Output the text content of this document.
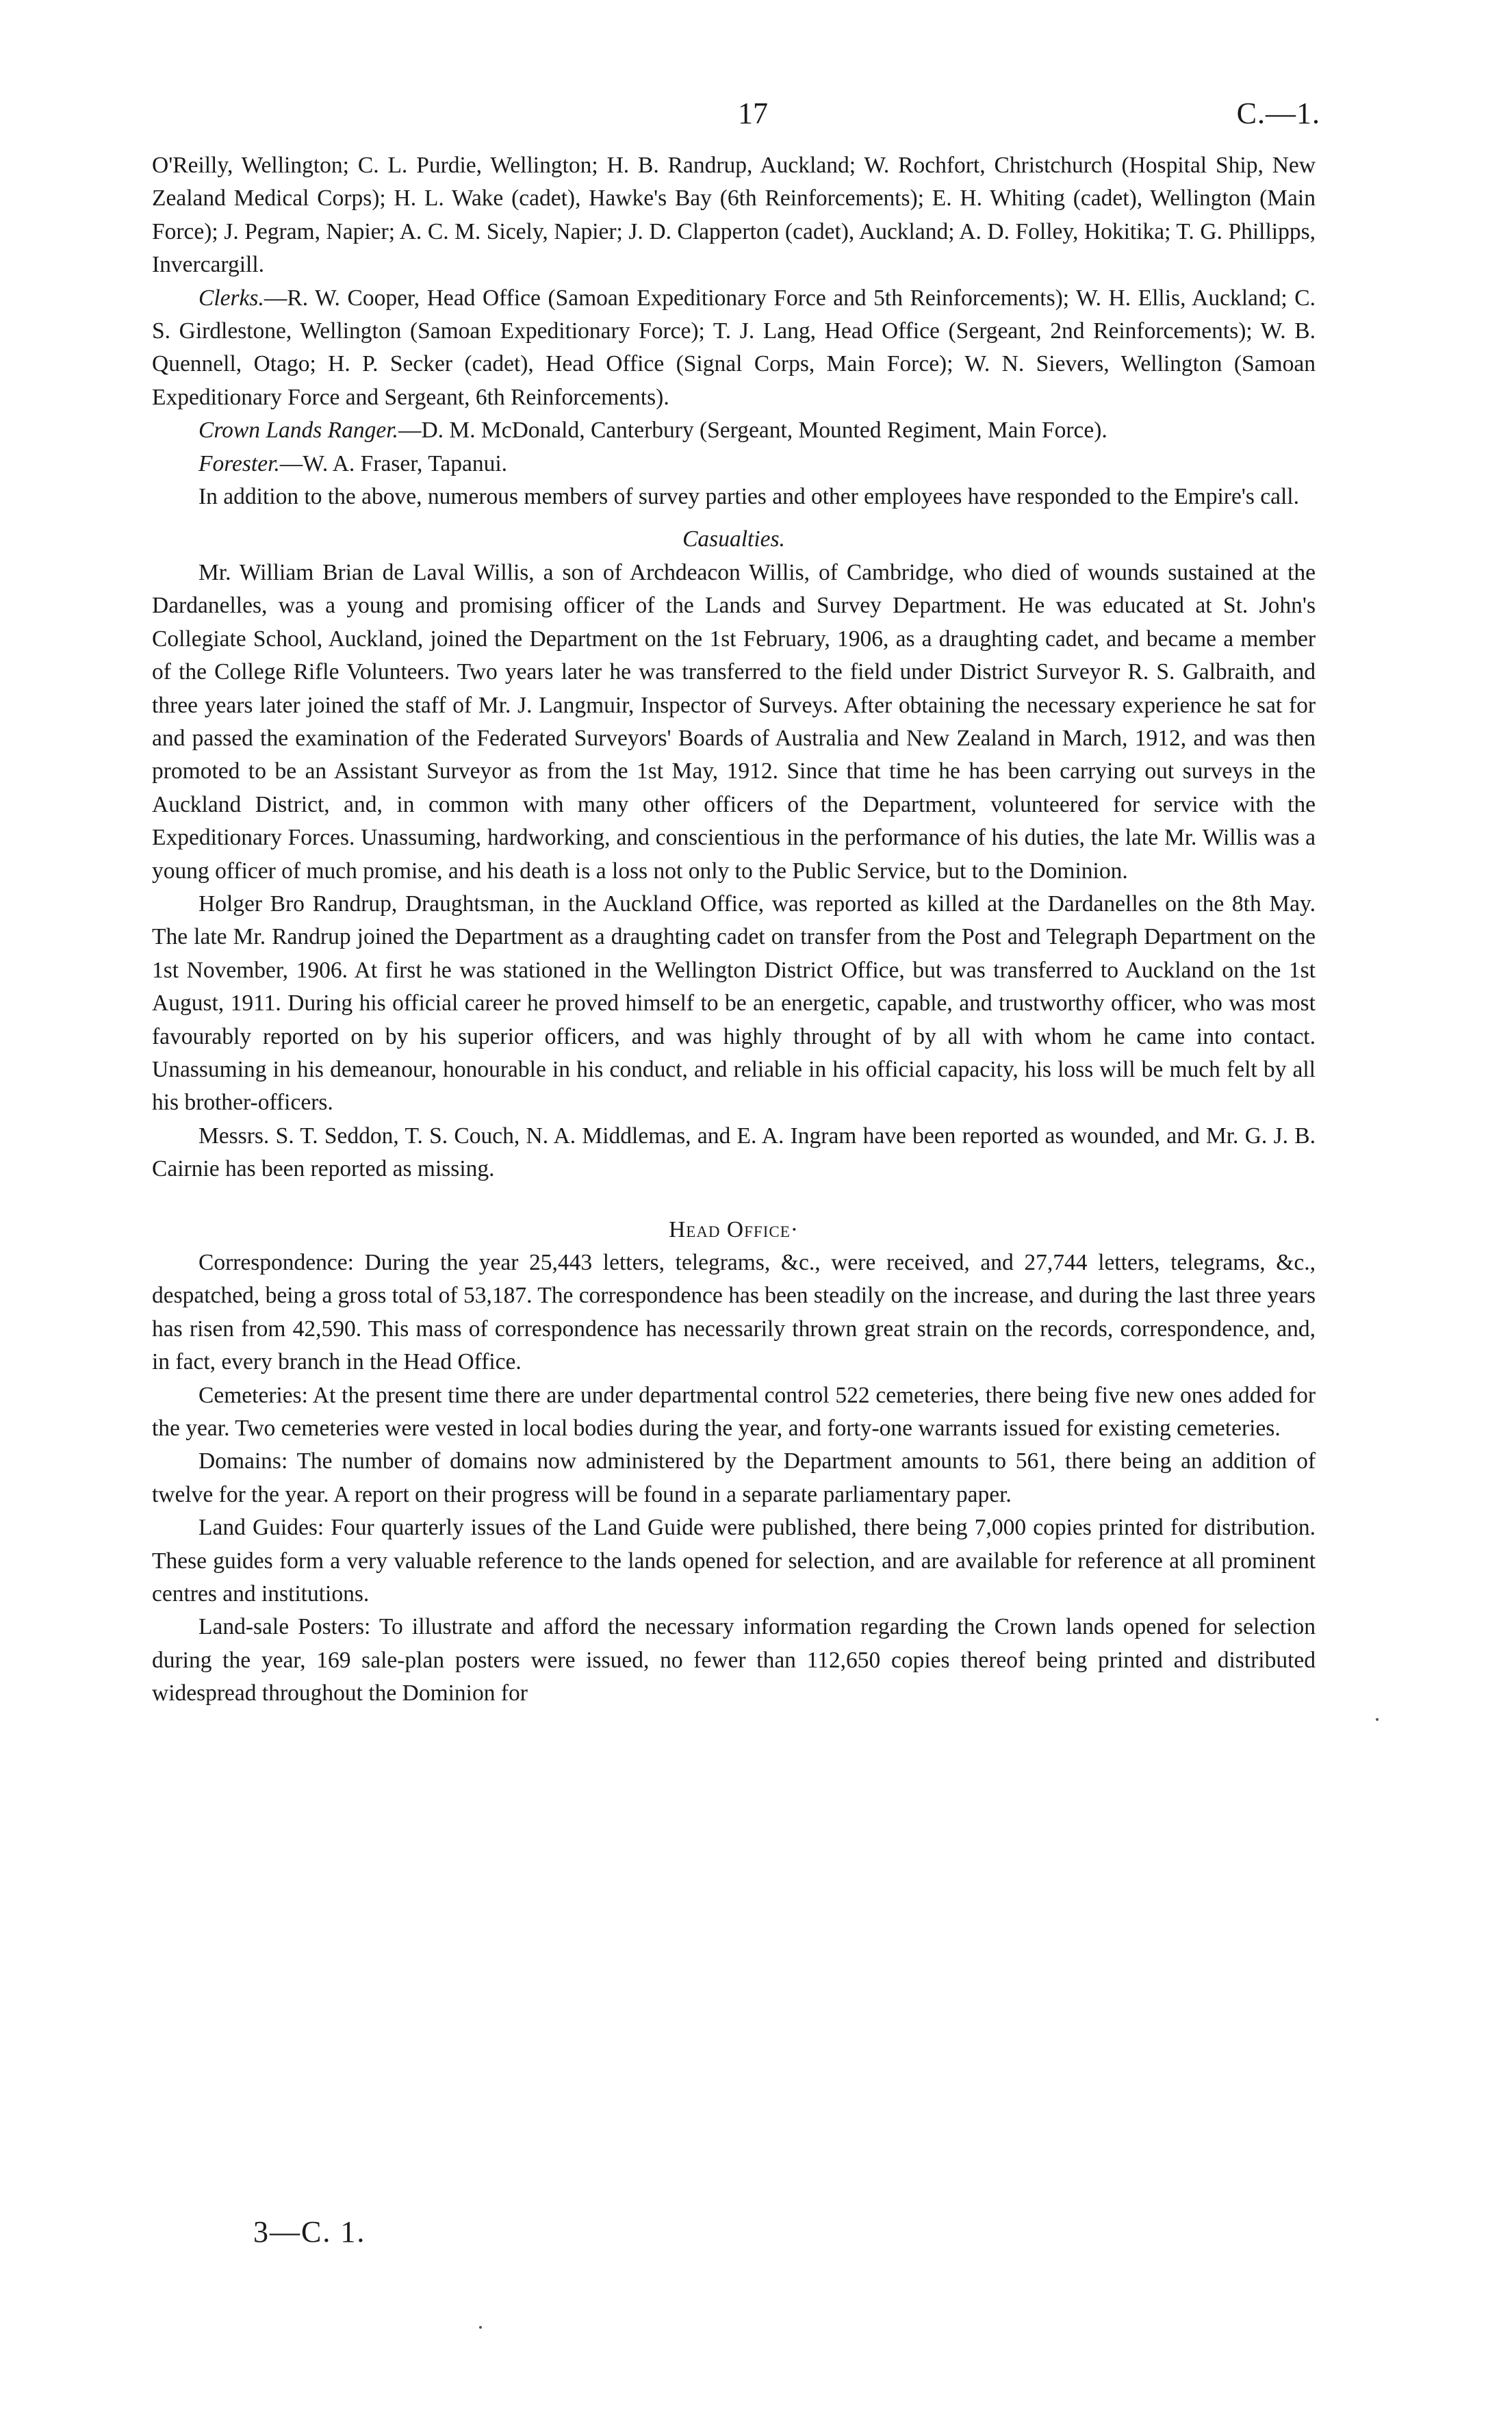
17	C.—1.

O'Reilly, Wellington; C. L. Purdie, Wellington; H. B. Randrup, Auckland; W. Rochfort, Christchurch (Hospital Ship, New Zealand Medical Corps); H. L. Wake (cadet), Hawke's Bay (6th Reinforcements); E. H. Whiting (cadet), Wellington (Main Force); J. Pegram, Napier; A. C. M. Sicely, Napier; J. D. Clapperton (cadet), Auckland; A. D. Folley, Hokitika; T. G. Phillipps, Invercargill.

Clerks.—R. W. Cooper, Head Office (Samoan Expeditionary Force and 5th Reinforcements); W. H. Ellis, Auckland; C. S. Girdlestone, Wellington (Samoan Expeditionary Force); T. J. Lang, Head Office (Sergeant, 2nd Reinforcements); W. B. Quennell, Otago; H. P. Secker (cadet), Head Office (Signal Corps, Main Force); W. N. Sievers, Wellington (Samoan Expeditionary Force and Sergeant, 6th Reinforcements).

Crown Lands Ranger.—D. M. McDonald, Canterbury (Sergeant, Mounted Regiment, Main Force).

Forester.—W. A. Fraser, Tapanui.

In addition to the above, numerous members of survey parties and other employees have responded to the Empire's call.

Casualties.

Mr. William Brian de Laval Willis, a son of Archdeacon Willis, of Cambridge, who died of wounds sustained at the Dardanelles, was a young and promising officer of the Lands and Survey Department. He was educated at St. John's Collegiate School, Auckland, joined the Department on the 1st February, 1906, as a draughting cadet, and became a member of the College Rifle Volunteers. Two years later he was transferred to the field under District Surveyor R. S. Galbraith, and three years later joined the staff of Mr. J. Langmuir, Inspector of Surveys. After obtaining the necessary experience he sat for and passed the examination of the Federated Surveyors' Boards of Australia and New Zealand in March, 1912, and was then promoted to be an Assistant Surveyor as from the 1st May, 1912. Since that time he has been carrying out surveys in the Auckland District, and, in common with many other officers of the Department, volunteered for service with the Expeditionary Forces. Unassuming, hardworking, and conscientious in the performance of his duties, the late Mr. Willis was a young officer of much promise, and his death is a loss not only to the Public Service, but to the Dominion.

Holger Bro Randrup, Draughtsman, in the Auckland Office, was reported as killed at the Dardanelles on the 8th May. The late Mr. Randrup joined the Department as a draughting cadet on transfer from the Post and Telegraph Department on the 1st November, 1906. At first he was stationed in the Wellington District Office, but was transferred to Auckland on the 1st August, 1911. During his official career he proved himself to be an energetic, capable, and trustworthy officer, who was most favourably reported on by his superior officers, and was highly throught of by all with whom he came into contact. Unassuming in his demeanour, honourable in his conduct, and reliable in his official capacity, his loss will be much felt by all his brother-officers.

Messrs. S. T. Seddon, T. S. Couch, N. A. Middlemas, and E. A. Ingram have been reported as wounded, and Mr. G. J. B. Cairnie has been reported as missing.

Head Office·

Correspondence: During the year 25,443 letters, telegrams, &c., were received, and 27,744 letters, telegrams, &c., despatched, being a gross total of 53,187. The correspondence has been steadily on the increase, and during the last three years has risen from 42,590. This mass of correspondence has necessarily thrown great strain on the records, correspondence, and, in fact, every branch in the Head Office.

Cemeteries: At the present time there are under departmental control 522 cemeteries, there being five new ones added for the year. Two cemeteries were vested in local bodies during the year, and forty-one warrants issued for existing cemeteries.

Domains: The number of domains now administered by the Department amounts to 561, there being an addition of twelve for the year. A report on their progress will be found in a separate parliamentary paper.

Land Guides: Four quarterly issues of the Land Guide were published, there being 7,000 copies printed for distribution. These guides form a very valuable reference to the lands opened for selection, and are available for reference at all prominent centres and institutions.

Land-sale Posters: To illustrate and afford the necessary information regarding the Crown lands opened for selection during the year, 169 sale-plan posters were issued, no fewer than 112,650 copies thereof being printed and distributed widespread throughout the Dominion for

3—C. 1.
